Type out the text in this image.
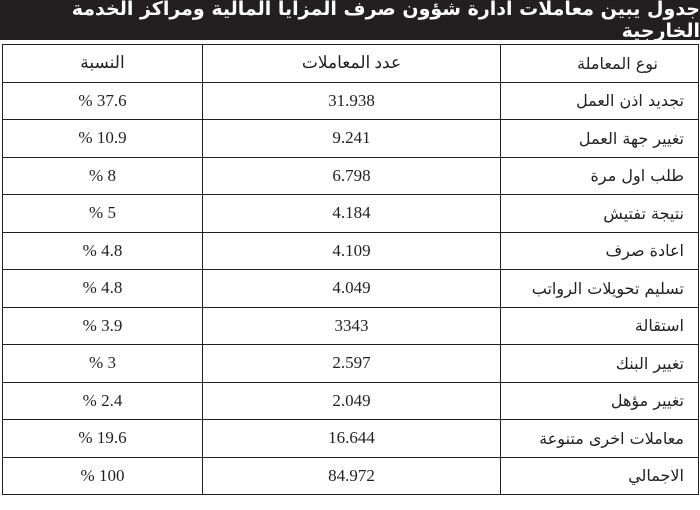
جدول يبين معاملات ادارة شؤون صرف المزايا المالية ومراكز الخدمة الخارجية
نوع المعاملة	عدد المعاملات	النسبة
تجديد اذن العمل	31.938	37.6 %
تغيير جهة العمل	9.241	10.9 %
طلب اول مرة	6.798	8 %
نتيجة تفتيش	4.184	5 %
اعادة صرف	4.109	4.8 %
تسليم تحويلات الرواتب	4.049	4.8 %
استقالة	3343	3.9 %
تغيير البنك	2.597	3 %
تغيير مؤهل	2.049	2.4 %
معاملات اخرى متنوعة	16.644	19.6 %
الاجمالي	84.972	100 %
